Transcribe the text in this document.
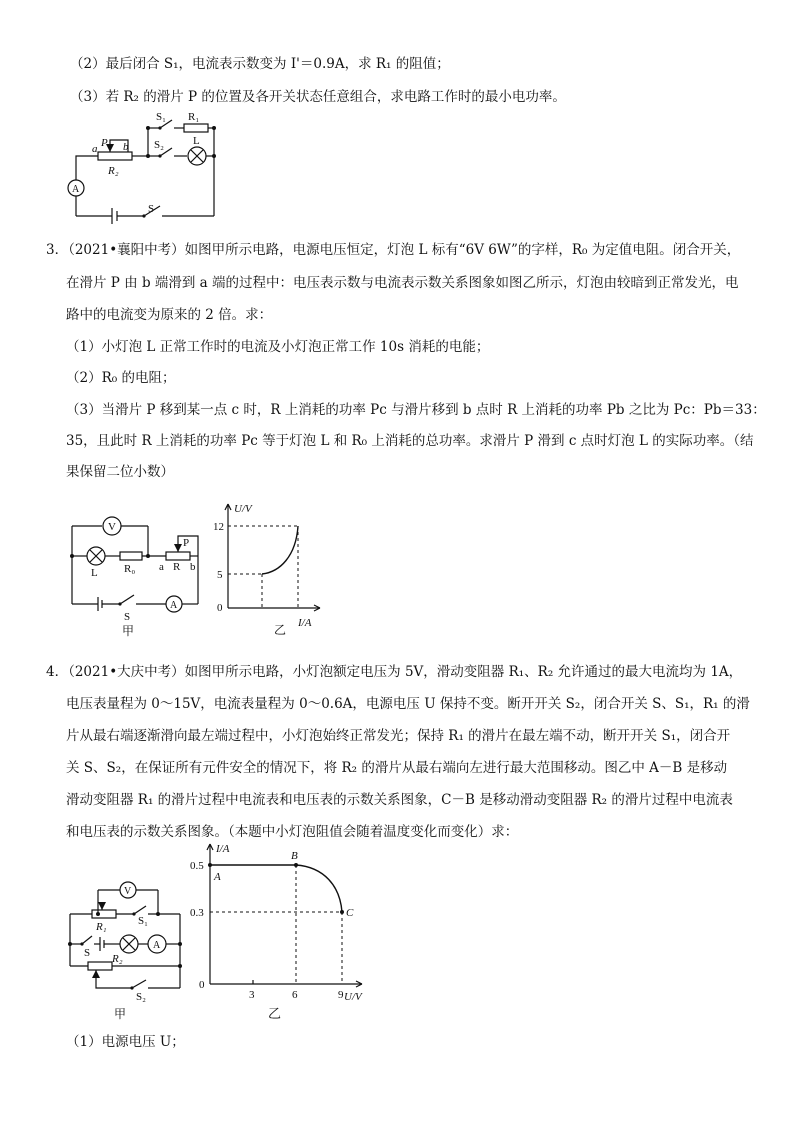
（2）最后闭合 S₁，电流表示数变为 I'＝0.9A，求 R₁ 的阻值；
（3）若 R₂ 的滑片 P 的位置及各开关状态任意组合，求电路工作时的最小电功率。
S₁ R₁
S₂	L
a P b
R₂
A
S
3．（2021•襄阳中考）如图甲所示电路，电源电压恒定，灯泡 L 标有“6V 6W”的字样，R₀ 为定值电阻。闭合开关，
在滑片 P 由 b 端滑到 a 端的过程中：电压表示数与电流表示数关系图象如图乙所示，灯泡由较暗到正常发光，电
路中的电流变为原来的 2 倍。求：
（1）小灯泡 L 正常工作时的电流及小灯泡正常工作 10s 消耗的电能；
（2）R₀ 的电阻；
（3）当滑片 P 移到某一点 c 时，R 上消耗的功率 Pc 与滑片移到 b 点时 R 上消耗的功率 Pb 之比为 Pc：Pb＝33：
35，且此时 R 上消耗的功率 Pc 等于灯泡 L 和 R₀ 上消耗的总功率。求滑片 P 滑到 c 点时灯泡 L 的实际功率。（结
果保留二位小数）
V
L R₀ a R b
P
A
S
甲
U/V
I/A
12
5
0
乙
4．（2021•大庆中考）如图甲所示电路，小灯泡额定电压为 5V，滑动变阻器 R₁、R₂ 允许通过的最大电流均为 1A，
电压表量程为 0～15V，电流表量程为 0～0.6A，电源电压 U 保持不变。断开开关 S₂，闭合开关 S、S₁，R₁ 的滑
片从最右端逐渐滑向最左端过程中，小灯泡始终正常发光；保持 R₁ 的滑片在最左端不动，断开开关 S₁，闭合开
关 S、S₂，在保证所有元件安全的情况下，将 R₂ 的滑片从最右端向左进行最大范围移动。图乙中 A－B 是移动
滑动变阻器 R₁ 的滑片过程中电流表和电压表的示数关系图象，C－B 是移动滑动变阻器 R₂ 的滑片过程中电流表
和电压表的示数关系图象。（本题中小灯泡阻值会随着温度变化而变化）求：
V
R₁	S₁
S
A
R₂
S₂
甲
I/A
U/V
0.5
0.3
0
3	6	9
A
B
C
乙
（1）电源电压 U；
